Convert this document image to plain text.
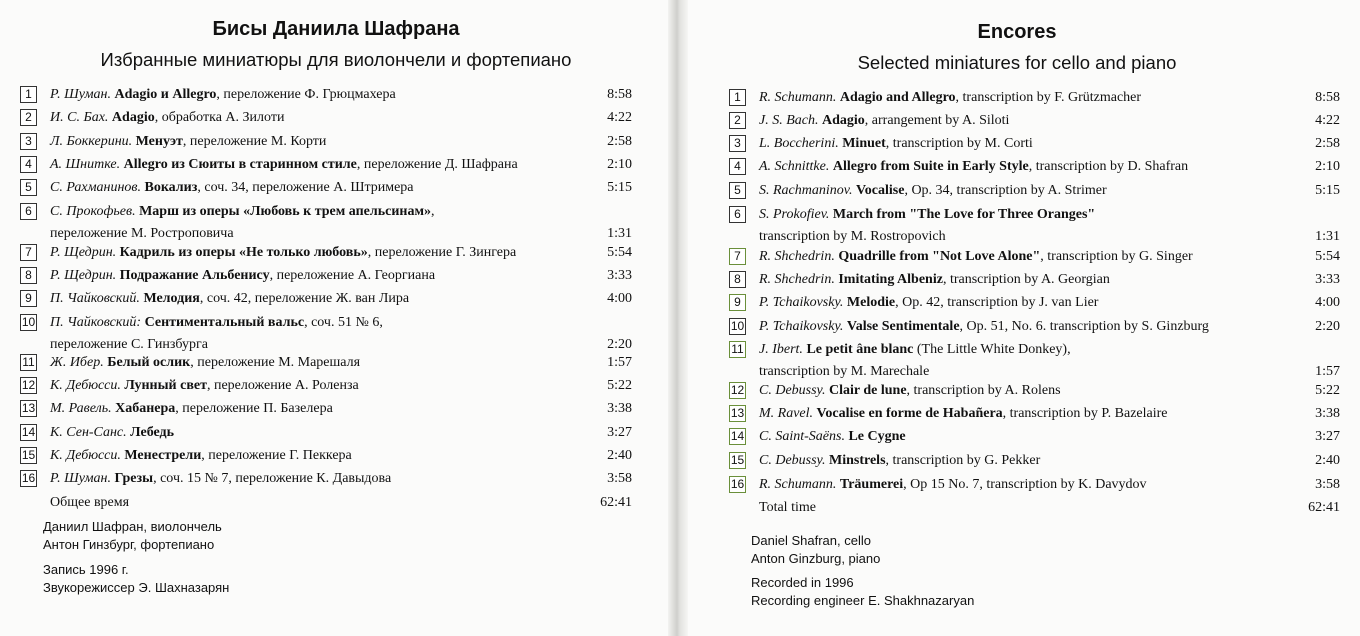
Бисы Даниила Шафрана
Избранные миниатюры для виолончели и фортепиано
1	Р. Шуман. Adagio и Allegro, переложение Ф. Грюцмахера	8:58
2	И. С. Бах. Adagio, обработка А. Зилоти	4:22
3	Л. Боккерини. Менуэт, переложение М. Корти	2:58
4	А. Шнитке. Allegro из Сюиты в старинном стиле, переложение Д. Шафрана	2:10
5	С. Рахманинов. Вокализ, соч. 34, переложение А. Штримера	5:15
6	С. Прокофьев. Марш из оперы «Любовь к трем апельсинам»,
переложение М. Ростроповича	1:31
7	Р. Щедрин. Кадриль из оперы «Не только любовь», переложение Г. Зингера	5:54
8	Р. Щедрин. Подражание Альбенису, переложение А. Георгиана	3:33
9	П. Чайковский. Мелодия, соч. 42, переложение Ж. ван Лира	4:00
10 П. Чайковский: Сентиментальный вальс, соч. 51 № 6,
переложение С. Гинзбурга	2:20
11 Ж. Ибер. Белый ослик, переложение М. Марешаля	1:57
12 К. Дебюсси. Лунный свет, переложение А. Роленза	5:22
13 М. Равель. Хабанера, переложение П. Базелера	3:38
14 К. Сен-Санс. Лебедь	3:27
15 К. Дебюсси. Менестрели, переложение Г. Пеккера	2:40
16 Р. Шуман. Грезы, соч. 15 № 7, переложение К. Давыдова	3:58
Общее время	62:41
Даниил Шафран, виолончель
Антон Гинзбург, фортепиано
Запись 1996 г.
Звукорежиссер Э. Шахназарян
Encores
Selected miniatures for cello and piano
1	R. Schumann. Adagio and Allegro, transcription by F. Grützmacher	8:58
2	J. S. Bach. Adagio, arrangement by A. Siloti	4:22
3	L. Boccherini. Minuet, transcription by M. Corti	2:58
4	A. Schnittke. Allegro from Suite in Early Style, transcription by D. Shafran	2:10
5	S. Rachmaninov. Vocalise, Op. 34, transcription by A. Strimer	5:15
6	S. Prokofiev. March from "The Love for Three Oranges"
transcription by M. Rostropovich	1:31
7	R. Shchedrin. Quadrille from "Not Love Alone", transcription by G. Singer	5:54
8	R. Shchedrin. Imitating Albeniz, transcription by A. Georgian	3:33
9	P. Tchaikovsky. Melodie, Op. 42, transcription by J. van Lier	4:00
10 P. Tchaikovsky. Valse Sentimentale, Op. 51, No. 6. transcription by S. Ginzburg	2:20
11 J. Ibert. Le petit âne blanc (The Little White Donkey),
transcription by M. Marechale	1:57
12 C. Debussy. Clair de lune, transcription by A. Rolens	5:22
13 M. Ravel. Vocalise en forme de Habañera, transcription by P. Bazelaire	3:38
14 C. Saint-Saëns. Le Cygne	3:27
15 C. Debussy. Minstrels, transcription by G. Pekker	2:40
16 R. Schumann. Träumerei, Op 15 No. 7, transcription by K. Davydov	3:58
Total time	62:41
Daniel Shafran, cello
Anton Ginzburg, piano
Recorded in 1996
Recording engineer E. Shakhnazaryan
